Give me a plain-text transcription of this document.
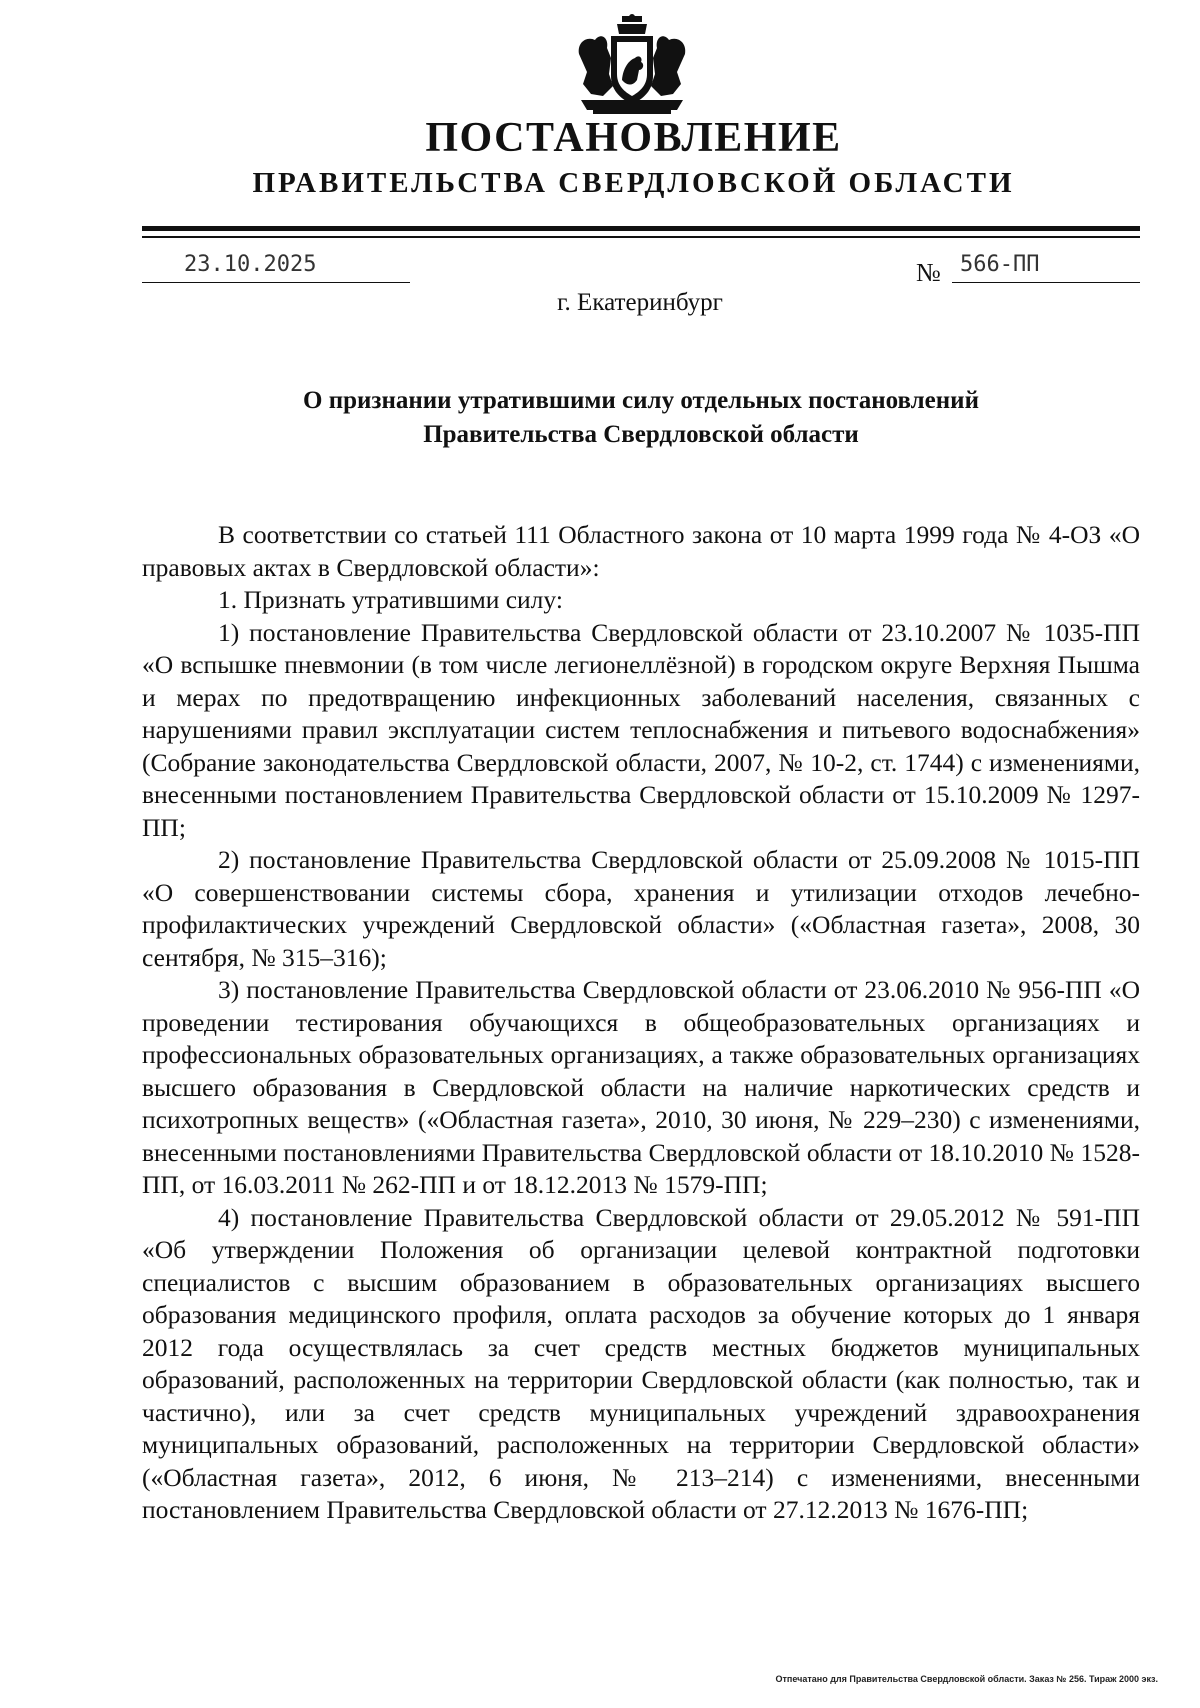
ПОСТАНОВЛЕНИЕ
ПРАВИТЕЛЬСТВА СВЕРДЛОВСКОЙ ОБЛАСТИ
23.10.2025	№ 566-ПП
г. Екатеринбург
О признании утратившими силу отдельных постановлений
Правительства Свердловской области

В соответствии со статьей 111 Областного закона от 10 марта 1999 года № 4-ОЗ «О правовых актах в Свердловской области»:

1. Признать утратившими силу:

1) постановление Правительства Свердловской области от 23.10.2007 № 1035-ПП «О вспышке пневмонии (в том числе легионеллёзной) в городском округе Верхняя Пышма и мерах по предотвращению инфекционных заболеваний населения, связанных с нарушениями правил эксплуатации систем теплоснабжения и питьевого водоснабжения» (Собрание законодательства Свердловской области, 2007, № 10-2, ст. 1744) с изменениями, внесенными постановлением Правительства Свердловской области от 15.10.2009 № 1297-ПП;

2) постановление Правительства Свердловской области от 25.09.2008 № 1015-ПП «О совершенствовании системы сбора, хранения и утилизации отходов лечебно-профилактических учреждений Свердловской области» («Областная газета», 2008, 30 сентября, № 315–316);

3) постановление Правительства Свердловской области от 23.06.2010 № 956-ПП «О проведении тестирования обучающихся в общеобразовательных организациях и профессиональных образовательных организациях, а также образовательных организациях высшего образования в Свердловской области на наличие наркотических средств и психотропных веществ» («Областная газета», 2010, 30 июня, № 229–230) с изменениями, внесенными постановлениями Правительства Свердловской области от 18.10.2010 № 1528-ПП, от 16.03.2011 № 262-ПП и от 18.12.2013 № 1579-ПП;

4) постановление Правительства Свердловской области от 29.05.2012 № 591-ПП «Об утверждении Положения об организации целевой контрактной подготовки специалистов с высшим образованием в образовательных организациях высшего образования медицинского профиля, оплата расходов за обучение которых до 1 января 2012 года осуществлялась за счет средств местных бюджетов муниципальных образований, расположенных на территории Свердловской области (как полностью, так и частично), или за счет средств муниципальных учреждений здравоохранения муниципальных образований, расположенных на территории Свердловской области» («Областная газета», 2012, 6 июня, № 213–214) с изменениями, внесенными постановлением Правительства Свердловской области от 27.12.2013 № 1676-ПП;

Отпечатано для Правительства Свердловской области. Заказ № 256. Тираж 2000 экз.
